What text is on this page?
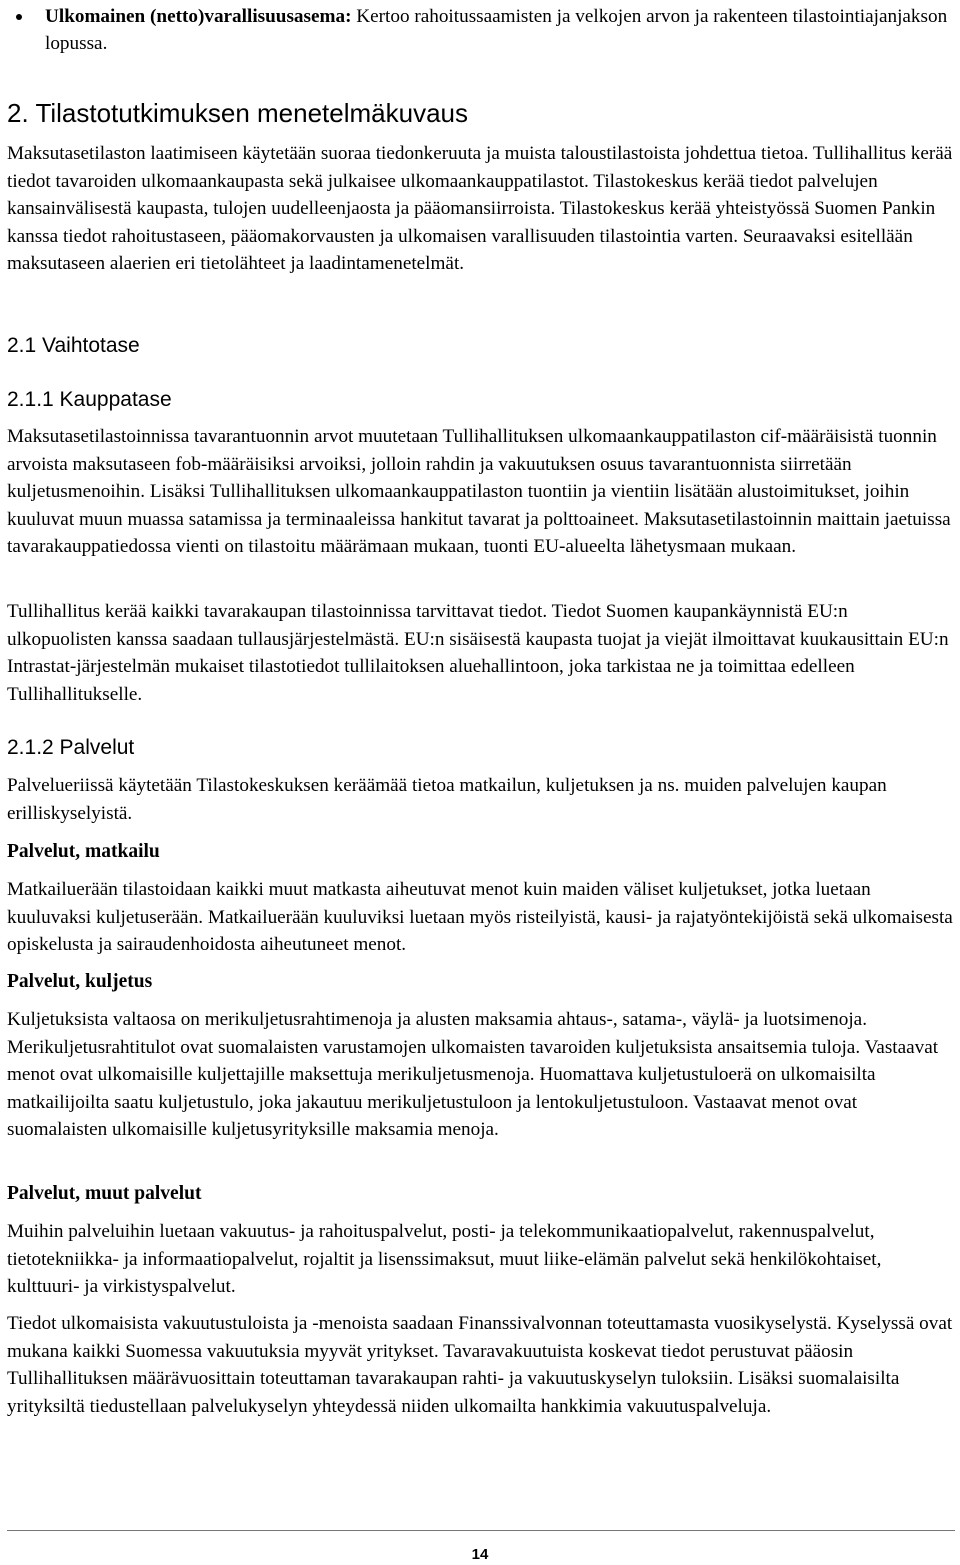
Ulkomainen (netto)varallisuusasema: Kertoo rahoitussaamisten ja velkojen arvon ja rakenteen tilastointiajanjakson lopussa.
2. Tilastotutkimuksen menetelmäkuvaus

Maksutasetilaston laatimiseen käytetään suoraa tiedonkeruuta ja muista taloustilastoista johdettua tietoa. Tullihallitus kerää tiedot tavaroiden ulkomaankaupasta sekä julkaisee ulkomaankauppatilastot. Tilastokeskus kerää tiedot palvelujen kansainvälisestä kaupasta, tulojen uudelleenjaosta ja pääomansiirroista. Tilastokeskus kerää yhteistyössä Suomen Pankin kanssa tiedot rahoitustaseen, pääomakorvausten ja ulkomaisen varallisuuden tilastointia varten. Seuraavaksi esitellään maksutaseen alaerien eri tietolähteet ja laadintamenetelmät.

2.1 Vaihtotase
2.1.1 Kauppatase

Maksutasetilastoinnissa tavarantuonnin arvot muutetaan Tullihallituksen ulkomaankauppatilaston cif-määräisistä tuonnin arvoista maksutaseen fob-määräisiksi arvoiksi, jolloin rahdin ja vakuutuksen osuus tavarantuonnista siirretään kuljetusmenoihin. Lisäksi Tullihallituksen ulkomaankauppatilaston tuontiin ja vientiin lisätään alustoimitukset, joihin kuuluvat muun muassa satamissa ja terminaaleissa hankitut tavarat ja polttoaineet. Maksutasetilastoinnin maittain jaetuissa tavarakauppatiedossa vienti on tilastoitu määrämaan mukaan, tuonti EU-alueelta lähetysmaan mukaan.

Tullihallitus kerää kaikki tavarakaupan tilastoinnissa tarvittavat tiedot. Tiedot Suomen kaupankäynnistä EU:n ulkopuolisten kanssa saadaan tullausjärjestelmästä. EU:n sisäisestä kaupasta tuojat ja viejät ilmoittavat kuukausittain EU:n Intrastat-järjestelmän mukaiset tilastotiedot tullilaitoksen aluehallintoon, joka tarkistaa ne ja toimittaa edelleen Tullihallitukselle.

2.1.2 Palvelut

Palvelueriissä käytetään Tilastokeskuksen keräämää tietoa matkailun, kuljetuksen ja ns. muiden palvelujen kaupan erilliskyselyistä.

Palvelut, matkailu

Matkailuerään tilastoidaan kaikki muut matkasta aiheutuvat menot kuin maiden väliset kuljetukset, jotka luetaan kuuluvaksi kuljetuserään. Matkailuerään kuuluviksi luetaan myös risteilyistä, kausi- ja rajatyöntekijöistä sekä ulkomaisesta opiskelusta ja sairaudenhoidosta aiheutuneet menot.

Palvelut, kuljetus

Kuljetuksista valtaosa on merikuljetusrahtimenoja ja alusten maksamia ahtaus-, satama-, väylä- ja luotsimenoja. Merikuljetusrahtitulot ovat suomalaisten varustamojen ulkomaisten tavaroiden kuljetuksista ansaitsemia tuloja. Vastaavat menot ovat ulkomaisille kuljettajille maksettuja merikuljetusmenoja. Huomattava kuljetustuloerä on ulkomaisilta matkailijoilta saatu kuljetustulo, joka jakautuu merikuljetustuloon ja lentokuljetustuloon. Vastaavat menot ovat suomalaisten ulkomaisille kuljetusyrityksille maksamia menoja.

Palvelut, muut palvelut

Muihin palveluihin luetaan vakuutus- ja rahoituspalvelut, posti- ja telekommunikaatiopalvelut, rakennuspalvelut, tietotekniikka- ja informaatiopalvelut, rojaltit ja lisenssimaksut, muut liike-elämän palvelut sekä henkilökohtaiset, kulttuuri- ja virkistyspalvelut.

Tiedot ulkomaisista vakuutustuloista ja -menoista saadaan Finanssivalvonnan toteuttamasta vuosikyselystä. Kyselyssä ovat mukana kaikki Suomessa vakuutuksia myyvät yritykset. Tavaravakuutuista koskevat tiedot perustuvat pääosin Tullihallituksen määrävuosittain toteuttaman tavarakaupan rahti- ja vakuutuskyselyn tuloksiin. Lisäksi suomalaisilta yrityksiltä tiedustellaan palvelukyselyn yhteydessä niiden ulkomailta hankkimia vakuutuspalveluja.

14
